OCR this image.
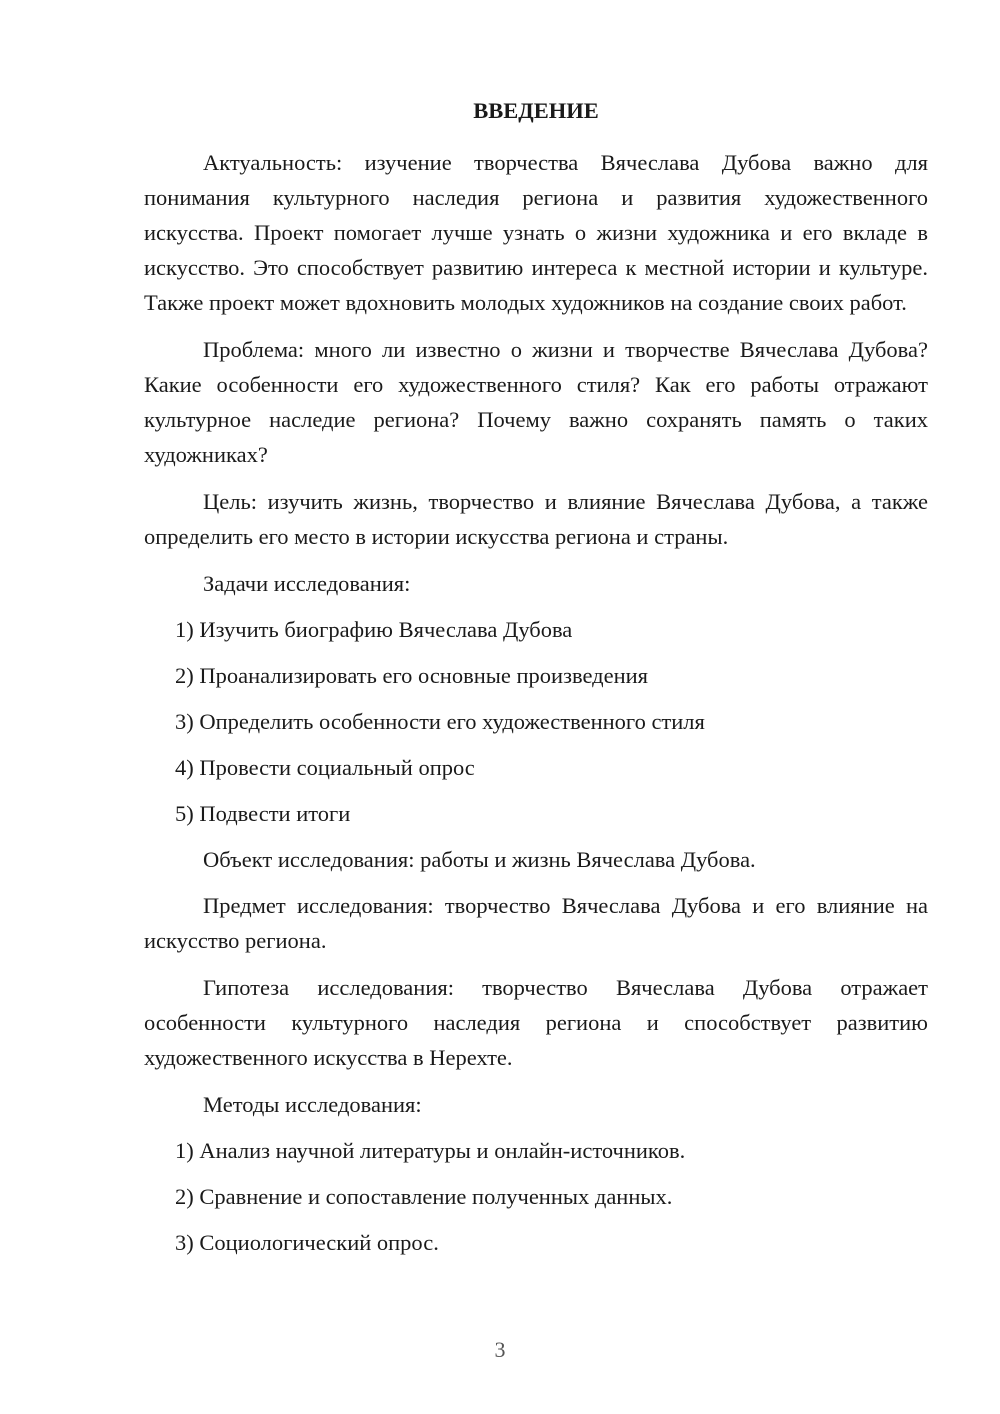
ВВЕДЕНИЕ

Актуальность: изучение творчества Вячеслава Дубова важно для понимания культурного наследия региона и развития художественного искусства. Проект помогает лучше узнать о жизни художника и его вкладе в искусство. Это способствует развитию интереса к местной истории и культуре. Также проект может вдохновить молодых художников на создание своих работ.

Проблема: много ли известно о жизни и творчестве Вячеслава Дубова? Какие особенности его художественного стиля? Как его работы отражают культурное наследие региона? Почему важно сохранять память о таких художниках?

Цель: изучить жизнь, творчество и влияние Вячеслава Дубова, а также определить его место в истории искусства региона и страны.

Задачи исследования:
1) Изучить биографию Вячеслава Дубова
2) Проанализировать его основные произведения
3) Определить особенности его художественного стиля
4) Провести социальный опрос
5) Подвести итоги
Объект исследования: работы и жизнь Вячеслава Дубова.

Предмет исследования: творчество Вячеслава Дубова и его влияние на искусство региона.

Гипотеза исследования: творчество Вячеслава Дубова отражает особенности культурного наследия региона и способствует развитию художественного искусства в Нерехте.

Методы исследования:
1) Анализ научной литературы и онлайн-источников.
2) Сравнение и сопоставление полученных данных.
3) Социологический опрос.
3
